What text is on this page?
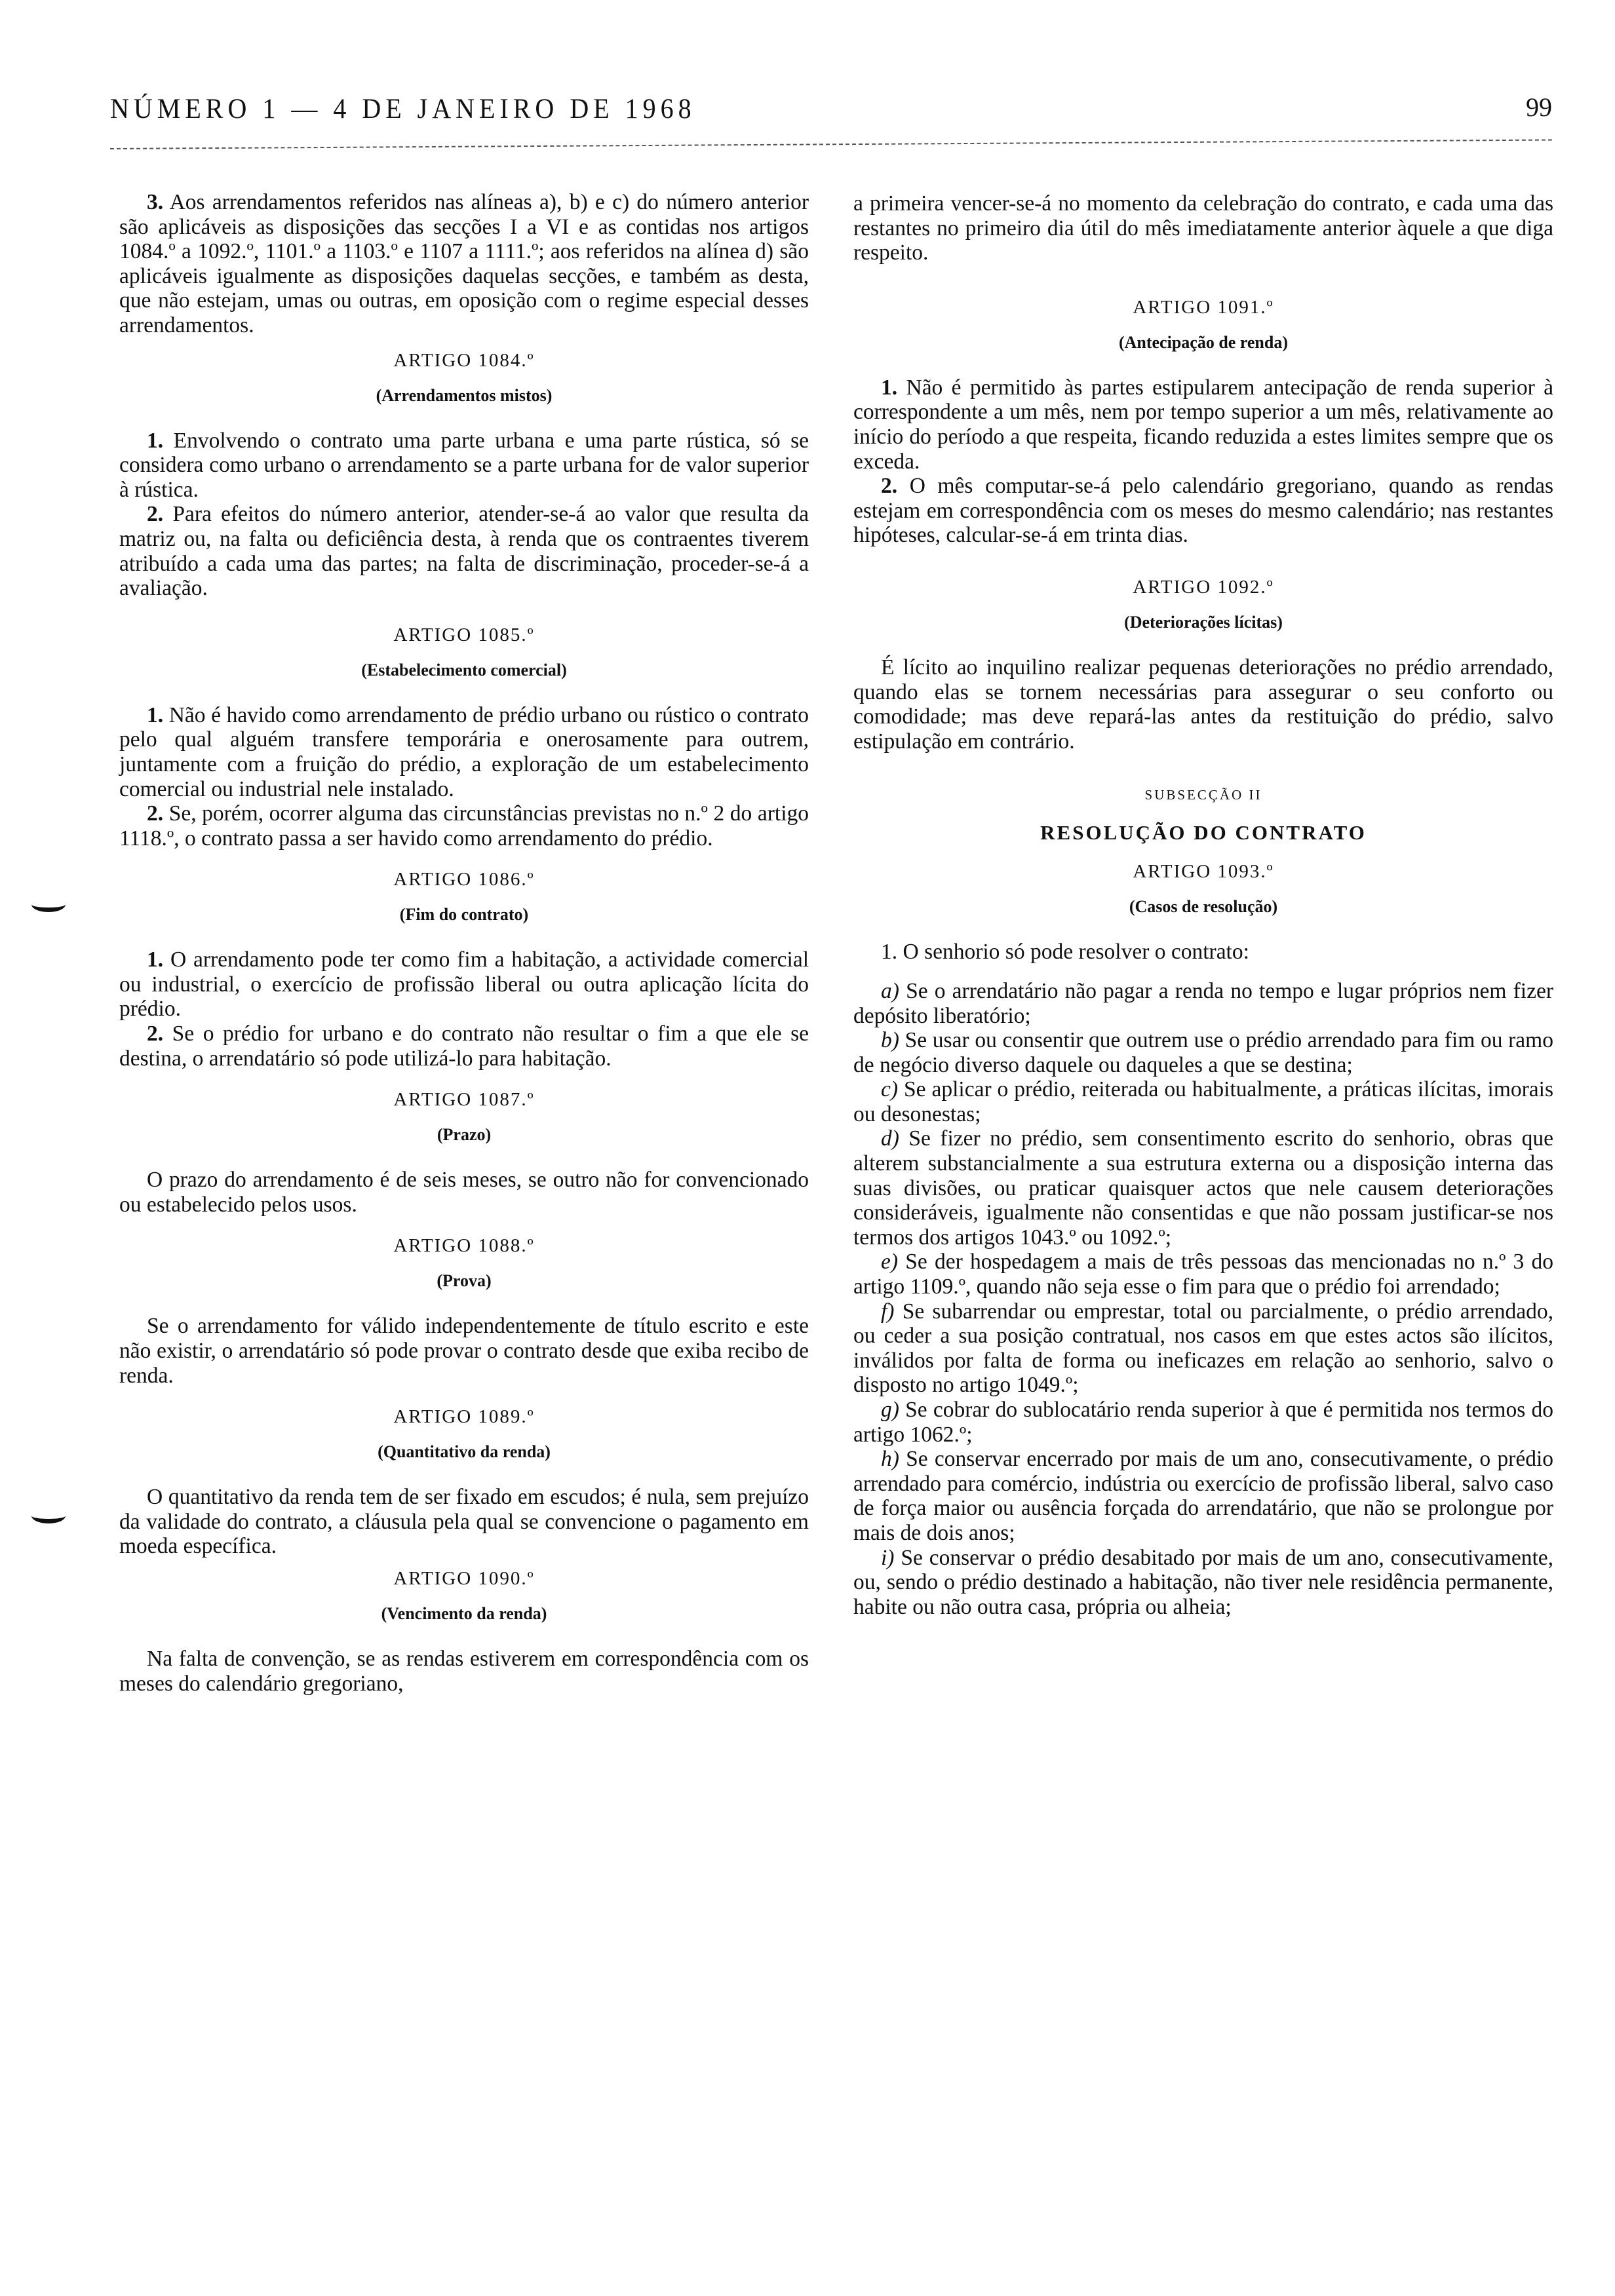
NÚMERO 1 — 4 DE JANEIRO DE 1968	99

3. Aos arrendamentos referidos nas alíneas a), b) e c) do número anterior são aplicáveis as disposições das secções I a VI e as contidas nos artigos 1084.º a 1092.º, 1101.º a 1103.º e 1107 a 1111.º; aos referidos na alínea d) são aplicáveis igualmente as disposições daquelas secções, e também as desta, que não estejam, umas ou outras, em oposição com o regime especial desses arrendamentos.

ARTIGO 1084.º
(Arrendamentos mistos)

1. Envolvendo o contrato uma parte urbana e uma parte rústica, só se considera como urbano o arrendamento se a parte urbana for de valor superior à rústica.

2. Para efeitos do número anterior, atender-se-á ao valor que resulta da matriz ou, na falta ou deficiência desta, à renda que os contraentes tiverem atribuído a cada uma das partes; na falta de discriminação, proceder-se-á a avaliação.

ARTIGO 1085.º
(Estabelecimento comercial)

1. Não é havido como arrendamento de prédio urbano ou rústico o contrato pelo qual alguém transfere temporária e onerosamente para outrem, juntamente com a fruição do prédio, a exploração de um estabelecimento comercial ou industrial nele instalado.

2. Se, porém, ocorrer alguma das circunstâncias previstas no n.º 2 do artigo 1118.º, o contrato passa a ser havido como arrendamento do prédio.

ARTIGO 1086.º
(Fim do contrato)

1. O arrendamento pode ter como fim a habitação, a actividade comercial ou industrial, o exercício de profissão liberal ou outra aplicação lícita do prédio.

2. Se o prédio for urbano e do contrato não resultar o fim a que ele se destina, o arrendatário só pode utilizá-lo para habitação.

ARTIGO 1087.º
(Prazo)

O prazo do arrendamento é de seis meses, se outro não for convencionado ou estabelecido pelos usos.

ARTIGO 1088.º
(Prova)

Se o arrendamento for válido independentemente de título escrito e este não existir, o arrendatário só pode provar o contrato desde que exiba recibo de renda.

ARTIGO 1089.º
(Quantitativo da renda)

O quantitativo da renda tem de ser fixado em escudos; é nula, sem prejuízo da validade do contrato, a cláusula pela qual se convencione o pagamento em moeda específica.

ARTIGO 1090.º
(Vencimento da renda)

Na falta de convenção, se as rendas estiverem em correspondência com os meses do calendário gregoriano,

a primeira vencer-se-á no momento da celebração do contrato, e cada uma das restantes no primeiro dia útil do mês imediatamente anterior àquele a que diga respeito.

ARTIGO 1091.º
(Antecipação de renda)

1. Não é permitido às partes estipularem antecipação de renda superior à correspondente a um mês, nem por tempo superior a um mês, relativamente ao início do período a que respeita, ficando reduzida a estes limites sempre que os exceda.

2. O mês computar-se-á pelo calendário gregoriano, quando as rendas estejam em correspondência com os meses do mesmo calendário; nas restantes hipóteses, calcular-se-á em trinta dias.

ARTIGO 1092.º
(Deteriorações lícitas)

É lícito ao inquilino realizar pequenas deteriorações no prédio arrendado, quando elas se tornem necessárias para assegurar o seu conforto ou comodidade; mas deve repará-las antes da restituição do prédio, salvo estipulação em contrário.

SUBSECÇÃO II
RESOLUÇÃO DO CONTRATO
ARTIGO 1093.º
(Casos de resolução)

1. O senhorio só pode resolver o contrato:

a) Se o arrendatário não pagar a renda no tempo e lugar próprios nem fizer depósito liberatório;

b) Se usar ou consentir que outrem use o prédio arrendado para fim ou ramo de negócio diverso daquele ou daqueles a que se destina;

c) Se aplicar o prédio, reiterada ou habitualmente, a práticas ilícitas, imorais ou desonestas;

d) Se fizer no prédio, sem consentimento escrito do senhorio, obras que alterem substancialmente a sua estrutura externa ou a disposição interna das suas divisões, ou praticar quaisquer actos que nele causem deteriorações consideráveis, igualmente não consentidas e que não possam justificar-se nos termos dos artigos 1043.º ou 1092.º;

e) Se der hospedagem a mais de três pessoas das mencionadas no n.º 3 do artigo 1109.º, quando não seja esse o fim para que o prédio foi arrendado;

f) Se subarrendar ou emprestar, total ou parcialmente, o prédio arrendado, ou ceder a sua posição contratual, nos casos em que estes actos são ilícitos, inválidos por falta de forma ou ineficazes em relação ao senhorio, salvo o disposto no artigo 1049.º;

g) Se cobrar do sublocatário renda superior à que é permitida nos termos do artigo 1062.º;

h) Se conservar encerrado por mais de um ano, consecutivamente, o prédio arrendado para comércio, indústria ou exercício de profissão liberal, salvo caso de força maior ou ausência forçada do arrendatário, que não se prolongue por mais de dois anos;

i) Se conservar o prédio desabitado por mais de um ano, consecutivamente, ou, sendo o prédio destinado a habitação, não tiver nele residência permanente, habite ou não outra casa, própria ou alheia;
